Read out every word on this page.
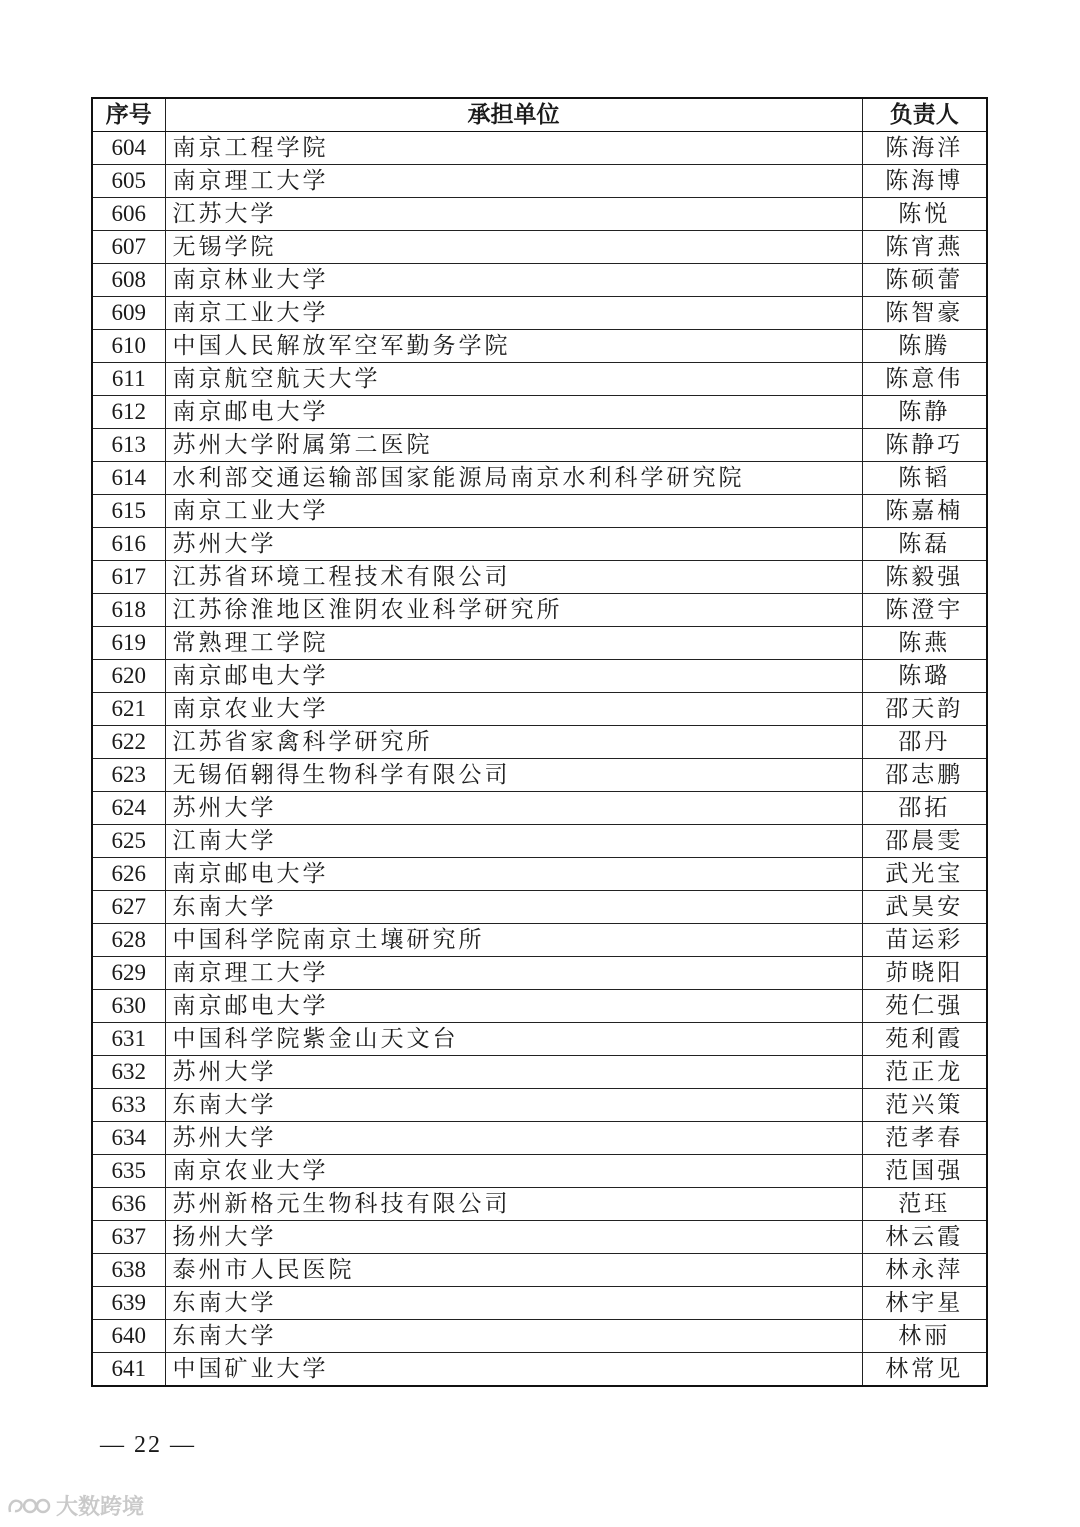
序号	承担单位	负责人
604	南京工程学院	陈海洋
605	南京理工大学	陈海博
606	江苏大学	陈悦
607	无锡学院	陈宵燕
608	南京林业大学	陈硕蕾
609	南京工业大学	陈智豪
610	中国人民解放军空军勤务学院	陈腾
611	南京航空航天大学	陈意伟
612	南京邮电大学	陈静
613	苏州大学附属第二医院	陈静巧
614	水利部交通运输部国家能源局南京水利科学研究院	陈韬
615	南京工业大学	陈嘉楠
616	苏州大学	陈磊
617	江苏省环境工程技术有限公司	陈毅强
618	江苏徐淮地区淮阴农业科学研究所	陈澄宇
619	常熟理工学院	陈燕
620	南京邮电大学	陈璐
621	南京农业大学	邵天韵
622	江苏省家禽科学研究所	邵丹
623	无锡佰翱得生物科学有限公司	邵志鹏
624	苏州大学	邵拓
625	江南大学	邵晨雯
626	南京邮电大学	武光宝
627	东南大学	武昊安
628	中国科学院南京土壤研究所	苗运彩
629	南京理工大学	茆晓阳
630	南京邮电大学	苑仁强
631	中国科学院紫金山天文台	苑利霞
632	苏州大学	范正龙
633	东南大学	范兴策
634	苏州大学	范孝春
635	南京农业大学	范国强
636	苏州新格元生物科技有限公司	范珏
637	扬州大学	林云霞
638	泰州市人民医院	林永萍
639	东南大学	林宇星
640	东南大学	林丽
641	中国矿业大学	林常见
— 22 —
大数跨境
